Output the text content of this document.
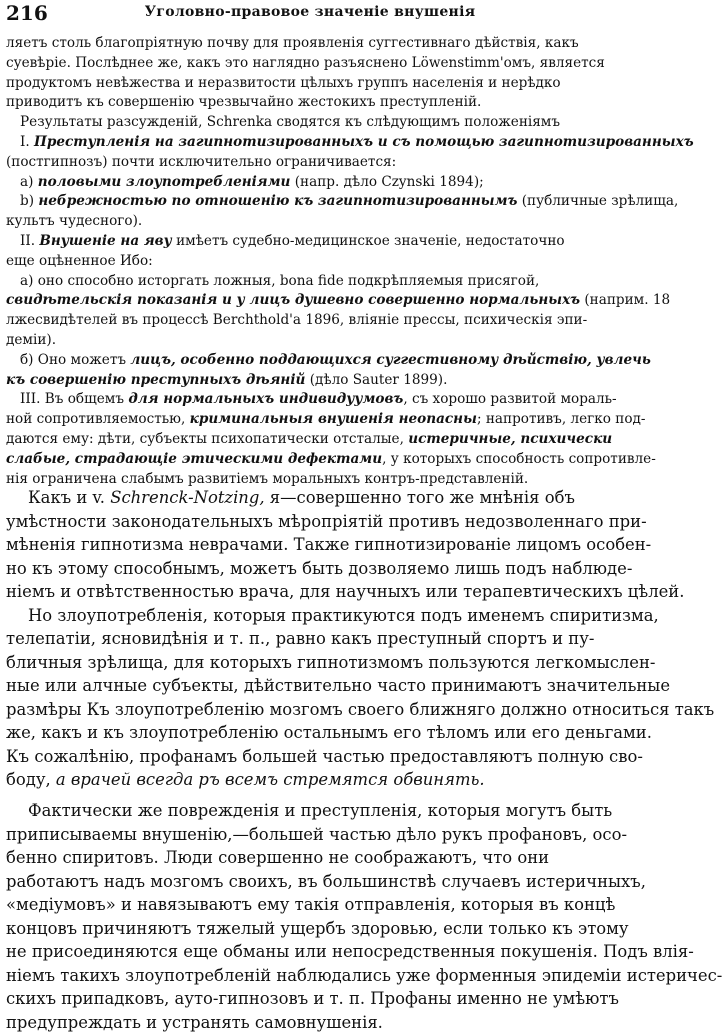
216	Уголовно-правовое значеніе внушенія
ляетъ столь благопріятную почву для проявленія суггестивнаго дѣйствія, какъ
суевѣріе. Послѣднее же, какъ это наглядно разъяснено Löwenstimm'омъ, является
продуктомъ невѣжества и неразвитости цѣлыхъ группъ населенія и нерѣдко
приводитъ къ совершенію чрезвычайно жестокихъ преступленій.
Результаты разсужденій, Schrenka сводятся къ слѣдующимъ положеніямъ
I. Преступленія на загипнотизированныхъ и съ помощью загипнотизированныхъ
(постгипнозъ) почти исключительно ограничивается:
а) половыми злоупотребленіями (напр. дѣло Czynski 1894);
b) небрежностью по отношенію къ загипнотизированнымъ (публичные зрѣлища,
культъ чудесного).
II. Внушеніе на яву имѣетъ судебно-медицинское значеніе, недостаточно
еще оцѣненное Ибо:
а) оно способно исторгать ложныя, bona fide подкрѣпляемыя присягой,
свидѣтельскія показанія и у лицъ душевно совершенно нормальныхъ (наприм. 18
лжесвидѣтелей въ процессѣ Berchthold'а 1896, вліяніе прессы, психическія эпи-
деміи).
б) Оно можетъ лицъ, особенно поддающихся суггестивному дѣйствію, увлечь
къ совершенію преступныхъ дѣяній (дѣло Sauter 1899).
III. Въ общемъ для нормальныхъ индивидуумовъ, съ хорошо развитой мораль-
ной сопротивляемостью, криминальныя внушенія неопасны; напротивъ, легко под-
даются ему: дѣти, субъекты психопатически отсталые, истеричные, психически
слабые, страдающіе этическими дефектами, у которыхъ способность сопротивле-
нія ограничена слабымъ развитіемъ моральныхъ контръ-представленій.
Какъ и v. Schrenck-Notzing, я—совершенно того же мнѣнія объ
умѣстности законодательныхъ мѣропріятій противъ недозволеннаго при-
мѣненія гипнотизма неврачами. Также гипнотизированіе лицомъ особен-
но къ этому способнымъ, можетъ быть дозволяемо лишь подъ наблюде-
ніемъ и отвѣтственностью врача, для научныхъ или терапевтическихъ цѣлей.
Но злоупотребленія, которыя практикуются подъ именемъ спиритизма,
телепатіи, ясновидѣнія и т. п., равно какъ преступный спортъ и пу-
бличныя зрѣлища, для которыхъ гипнотизмомъ пользуются легкомыслен-
ные или алчные субъекты, дѣйствительно часто принимаютъ значительные
размѣры Къ злоупотребленію мозгомъ своего ближняго должно относиться такъ
же, какъ и къ злоупотребленію остальнымъ его тѣломъ или его деньгами.
Къ сожалѣнію, профанамъ большей частью предоставляютъ полную сво-
боду, а врачей всегда ръ всемъ стремятся обвинять.
Фактически же поврежденія и преступленія, которыя могутъ быть
приписываемы внушенію,—большей частью дѣло рукъ профановъ, осо-
бенно спиритовъ. Люди совершенно не соображаютъ, что они
работаютъ надъ мозгомъ своихъ, въ большинствѣ случаевъ истеричныхъ,
«медіумовъ» и навязываютъ ему такія отправленія, которыя въ концѣ
концовъ причиняютъ тяжелый ущербъ здоровью, если только къ этому
не присоединяются еще обманы или непосредственныя покушенія. Подъ влія-
ніемъ такихъ злоупотребленій наблюдались уже форменныя эпидеміи истеричес-
скихъ припадковъ, ауто-гипнозовъ и т. п. Профаны именно не умѣютъ
предупреждать и устранять самовнушенія.
